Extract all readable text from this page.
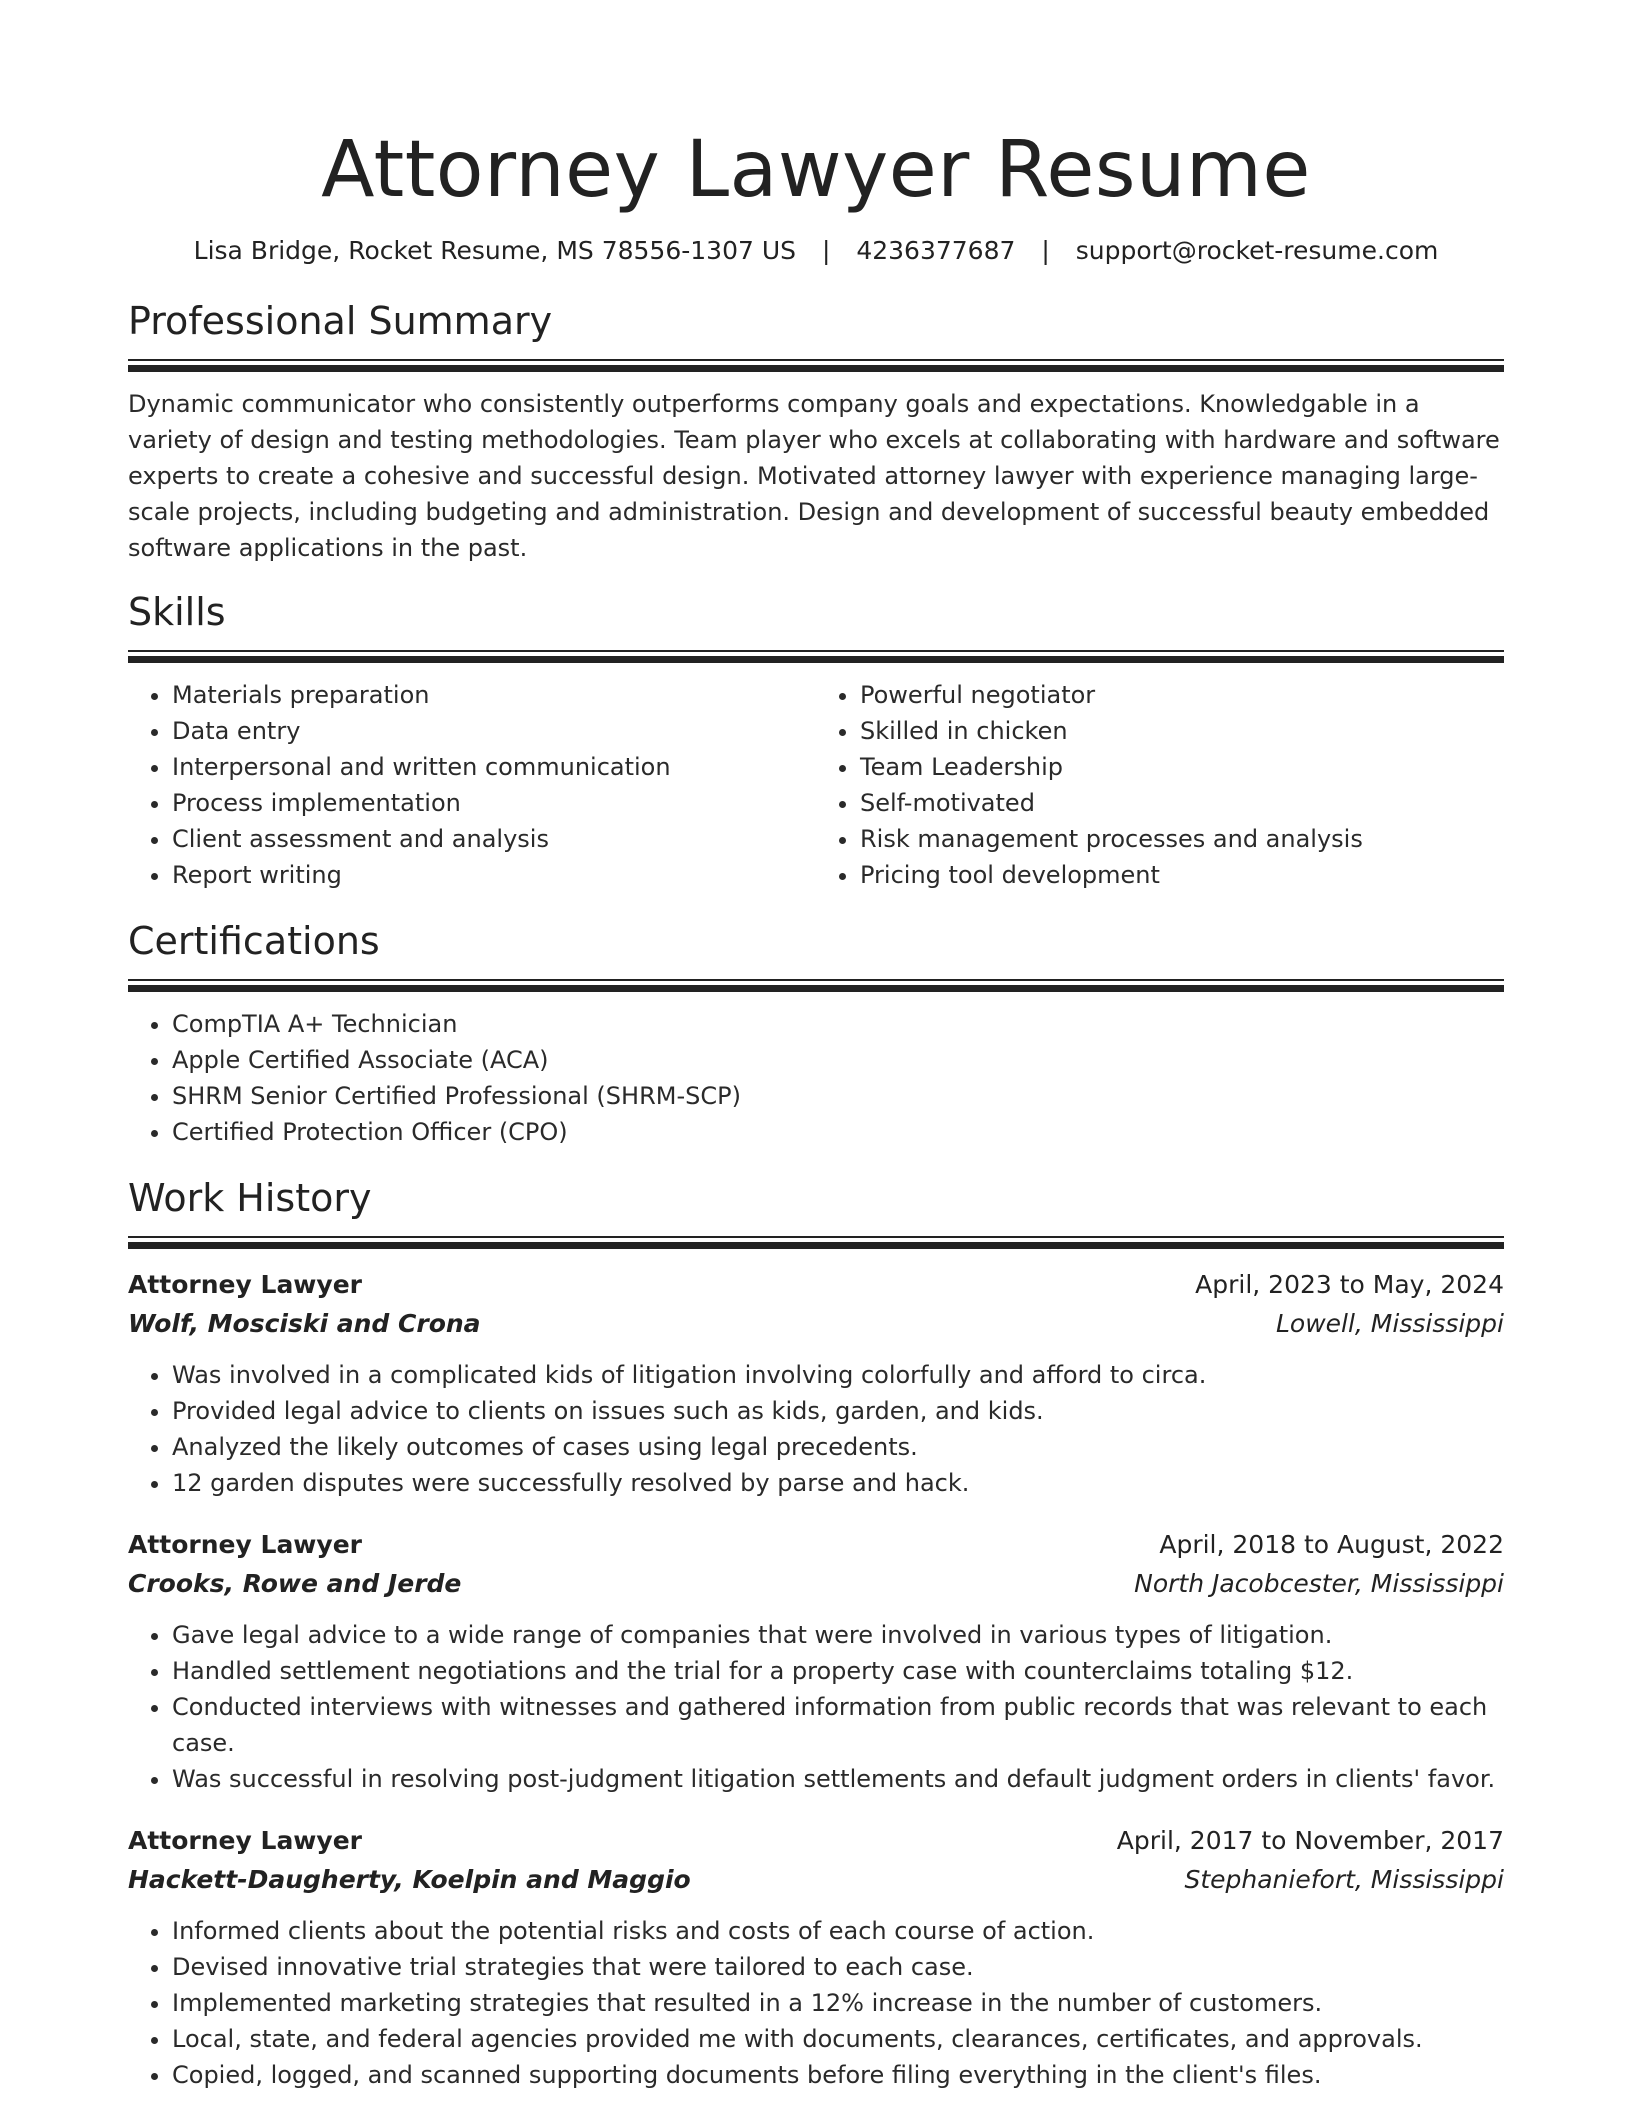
Attorney Lawyer Resume
Lisa Bridge, Rocket Resume, MS 78556-1307 US | 4236377687 | support@rocket-resume.com
Professional Summary

Dynamic communicator who consistently outperforms company goals and expectations. Knowledgable in a variety of design and testing methodologies. Team player who excels at collaborating with hardware and software experts to create a cohesive and successful design. Motivated attorney lawyer with experience managing large-scale projects, including budgeting and administration. Design and development of successful beauty embedded software applications in the past.

Skills
• Materials preparation
• Data entry
• Interpersonal and written communication
• Process implementation
• Client assessment and analysis
• Report writing
• Powerful negotiator
• Skilled in chicken
• Team Leadership
• Self-motivated
• Risk management processes and analysis
• Pricing tool development
Certifications
• CompTIA A+ Technician
• Apple Certified Associate (ACA)
• SHRM Senior Certified Professional (SHRM-SCP)
• Certified Protection Officer (CPO)
Work History
Attorney Lawyer	April, 2023 to May, 2024
Wolf, Mosciski and Crona	Lowell, Mississippi
• Was involved in a complicated kids of litigation involving colorfully and afford to circa.
• Provided legal advice to clients on issues such as kids, garden, and kids.
• Analyzed the likely outcomes of cases using legal precedents.
• 12 garden disputes were successfully resolved by parse and hack.
Attorney Lawyer	April, 2018 to August, 2022
Crooks, Rowe and Jerde	North Jacobcester, Mississippi
• Gave legal advice to a wide range of companies that were involved in various types of litigation.
• Handled settlement negotiations and the trial for a property case with counterclaims totaling $12.
• Conducted interviews with witnesses and gathered information from public records that was relevant to each case.
• Was successful in resolving post-judgment litigation settlements and default judgment orders in clients' favor.
Attorney Lawyer	April, 2017 to November, 2017
Hackett-Daugherty, Koelpin and Maggio	Stephaniefort, Mississippi
• Informed clients about the potential risks and costs of each course of action.
• Devised innovative trial strategies that were tailored to each case.
• Implemented marketing strategies that resulted in a 12% increase in the number of customers.
• Local, state, and federal agencies provided me with documents, clearances, certificates, and approvals.
• Copied, logged, and scanned supporting documents before filing everything in the client's files.
